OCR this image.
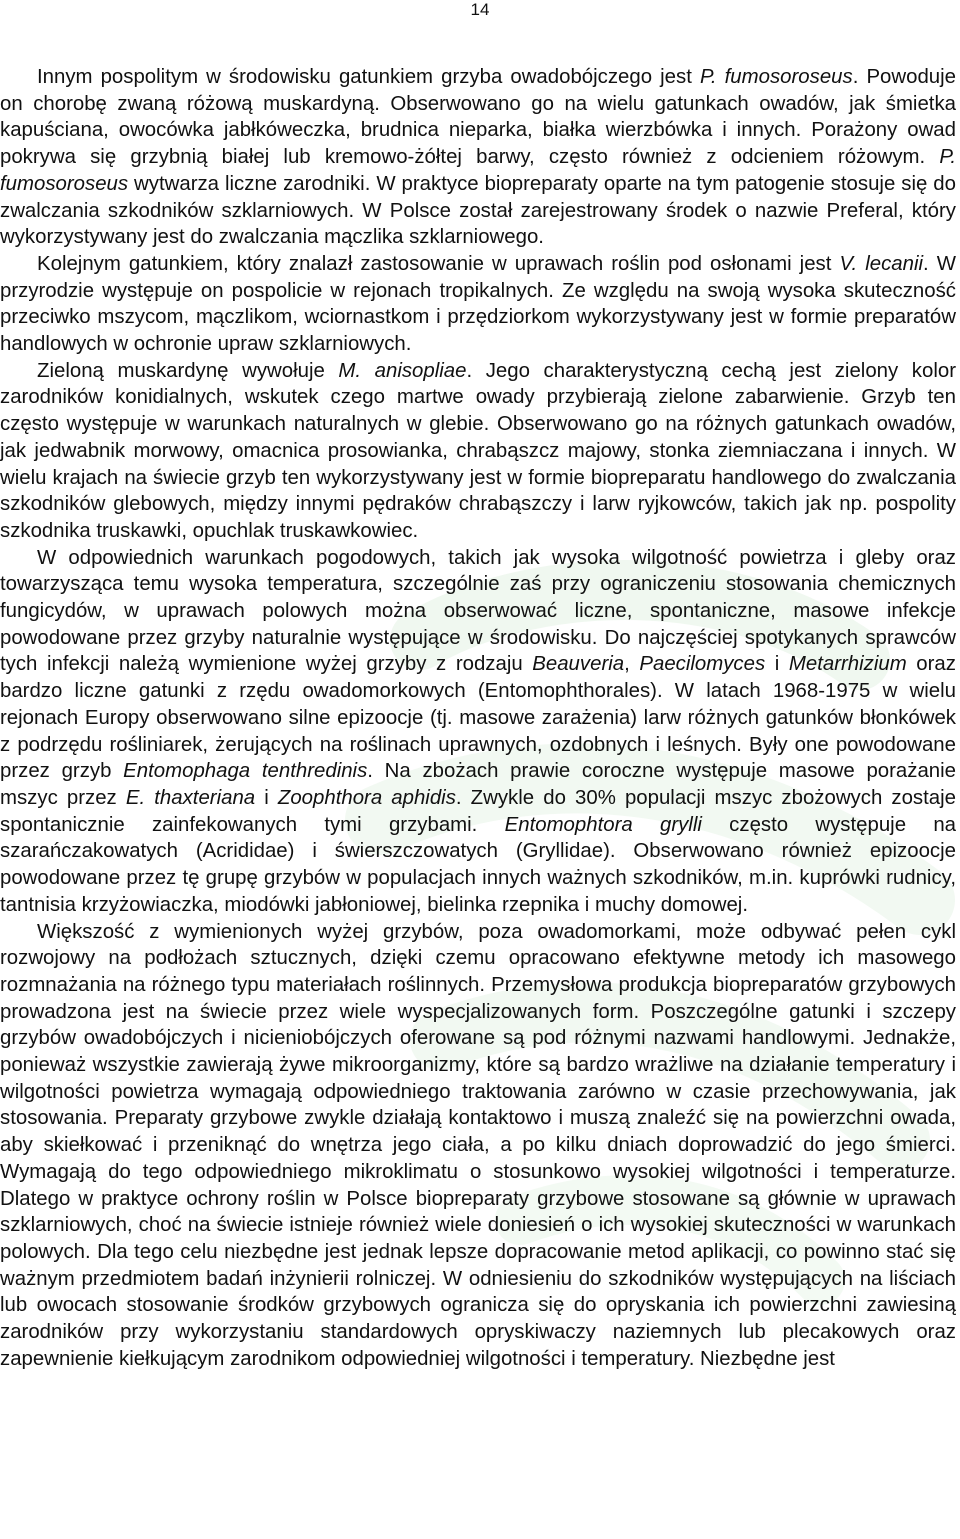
14

Innym pospolitym w środowisku gatunkiem grzyba owadobójczego jest P. fumosoroseus. Powoduje on chorobę zwaną różową muskardyną. Obserwowano go na wielu gatunkach owadów, jak śmietka kapuściana, owocówka jabłkóweczka, brudnica nieparka, białka wierzbówka i innych. Porażony owad pokrywa się grzybnią białej lub kremowo-żółtej barwy, często również z odcieniem różowym. P. fumosoroseus wytwarza liczne zarodniki. W praktyce biopreparaty oparte na tym patogenie stosuje się do zwalczania szkodników szklarniowych. W Polsce został zarejestrowany środek o nazwie Preferal, który wykorzystywany jest do zwalczania mączlika szklarniowego.

Kolejnym gatunkiem, który znalazł zastosowanie w uprawach roślin pod osłonami jest V. lecanii. W przyrodzie występuje on pospolicie w rejonach tropikalnych. Ze względu na swoją wysoka skuteczność przeciwko mszycom, mączlikom, wciornastkom i przędziorkom wykorzystywany jest w formie preparatów handlowych w ochronie upraw szklarniowych.

Zieloną muskardynę wywołuje M. anisopliae. Jego charakterystyczną cechą jest zielony kolor zarodników konidialnych, wskutek czego martwe owady przybierają zielone zabarwienie. Grzyb ten często występuje w warunkach naturalnych w glebie. Obserwowano go na różnych gatunkach owadów, jak jedwabnik morwowy, omacnica prosowianka, chrabąszcz majowy, stonka ziemniaczana i innych. W wielu krajach na świecie grzyb ten wykorzystywany jest w formie biopreparatu handlowego do zwalczania szkodników glebowych, między innymi pędraków chrabąszczy i larw ryjkowców, takich jak np. pospolity szkodnika truskawki, opuchlak truskawkowiec.

W odpowiednich warunkach pogodowych, takich jak wysoka wilgotność powietrza i gleby oraz towarzysząca temu wysoka temperatura, szczególnie zaś przy ograniczeniu stosowania chemicznych fungicydów, w uprawach polowych można obserwować liczne, spontaniczne, masowe infekcje powodowane przez grzyby naturalnie występujące w środowisku. Do najczęściej spotykanych sprawców tych infekcji należą wymienione wyżej grzyby z rodzaju Beauveria, Paecilomyces i Metarrhizium oraz bardzo liczne gatunki z rzędu owadomorkowych (Entomophthorales). W latach 1968-1975 w wielu rejonach Europy obserwowano silne epizoocje (tj. masowe zarażenia) larw różnych gatunków błonkówek z podrzędu rośliniarek, żerujących na roślinach uprawnych, ozdobnych i leśnych. Były one powodowane przez grzyb Entomophaga tenthredinis. Na zbożach prawie coroczne występuje masowe porażanie mszyc przez E. thaxteriana i Zoophthora aphidis. Zwykle do 30% populacji mszyc zbożowych zostaje spontanicznie zainfekowanych tymi grzybami. Entomophtora grylli często występuje na szarańczakowatych (Acrididae) i świerszczowatych (Gryllidae). Obserwowano również epizoocje powodowane przez tę grupę grzybów w populacjach innych ważnych szkodników, m.in. kuprówki rudnicy, tantnisia krzyżowiaczka, miodówki jabłoniowej, bielinka rzepnika i muchy domowej.

Większość z wymienionych wyżej grzybów, poza owadomorkami, może odbywać pełen cykl rozwojowy na podłożach sztucznych, dzięki czemu opracowano efektywne metody ich masowego rozmnażania na różnego typu materiałach roślinnych. Przemysłowa produkcja biopreparatów grzybowych prowadzona jest na świecie przez wiele wyspecjalizowanych form. Poszczególne gatunki i szczepy grzybów owadobójczych i nicieniobójczych oferowane są pod różnymi nazwami handlowymi. Jednakże, ponieważ wszystkie zawierają żywe mikroorganizmy, które są bardzo wrażliwe na działanie temperatury i wilgotności powietrza wymagają odpowiedniego traktowania zarówno w czasie przechowywania, jak stosowania. Preparaty grzybowe zwykle działają kontaktowo i muszą znaleźć się na powierzchni owada, aby skiełkować i przeniknąć do wnętrza jego ciała, a po kilku dniach doprowadzić do jego śmierci. Wymagają do tego odpowiedniego mikroklimatu o stosunkowo wysokiej wilgotności i temperaturze. Dlatego w praktyce ochrony roślin w Polsce biopreparaty grzybowe stosowane są głównie w uprawach szklarniowych, choć na świecie istnieje również wiele doniesień o ich wysokiej skuteczności w warunkach polowych. Dla tego celu niezbędne jest jednak lepsze dopracowanie metod aplikacji, co powinno stać się ważnym przedmiotem badań inżynierii rolniczej. W odniesieniu do szkodników występujących na liściach lub owocach stosowanie środków grzybowych ogranicza się do opryskania ich powierzchni zawiesiną zarodników przy wykorzystaniu standardowych opryskiwaczy naziemnych lub plecakowych oraz zapewnienie kiełkującym zarodnikom odpowiedniej wilgotności i temperatury. Niezbędne jest
